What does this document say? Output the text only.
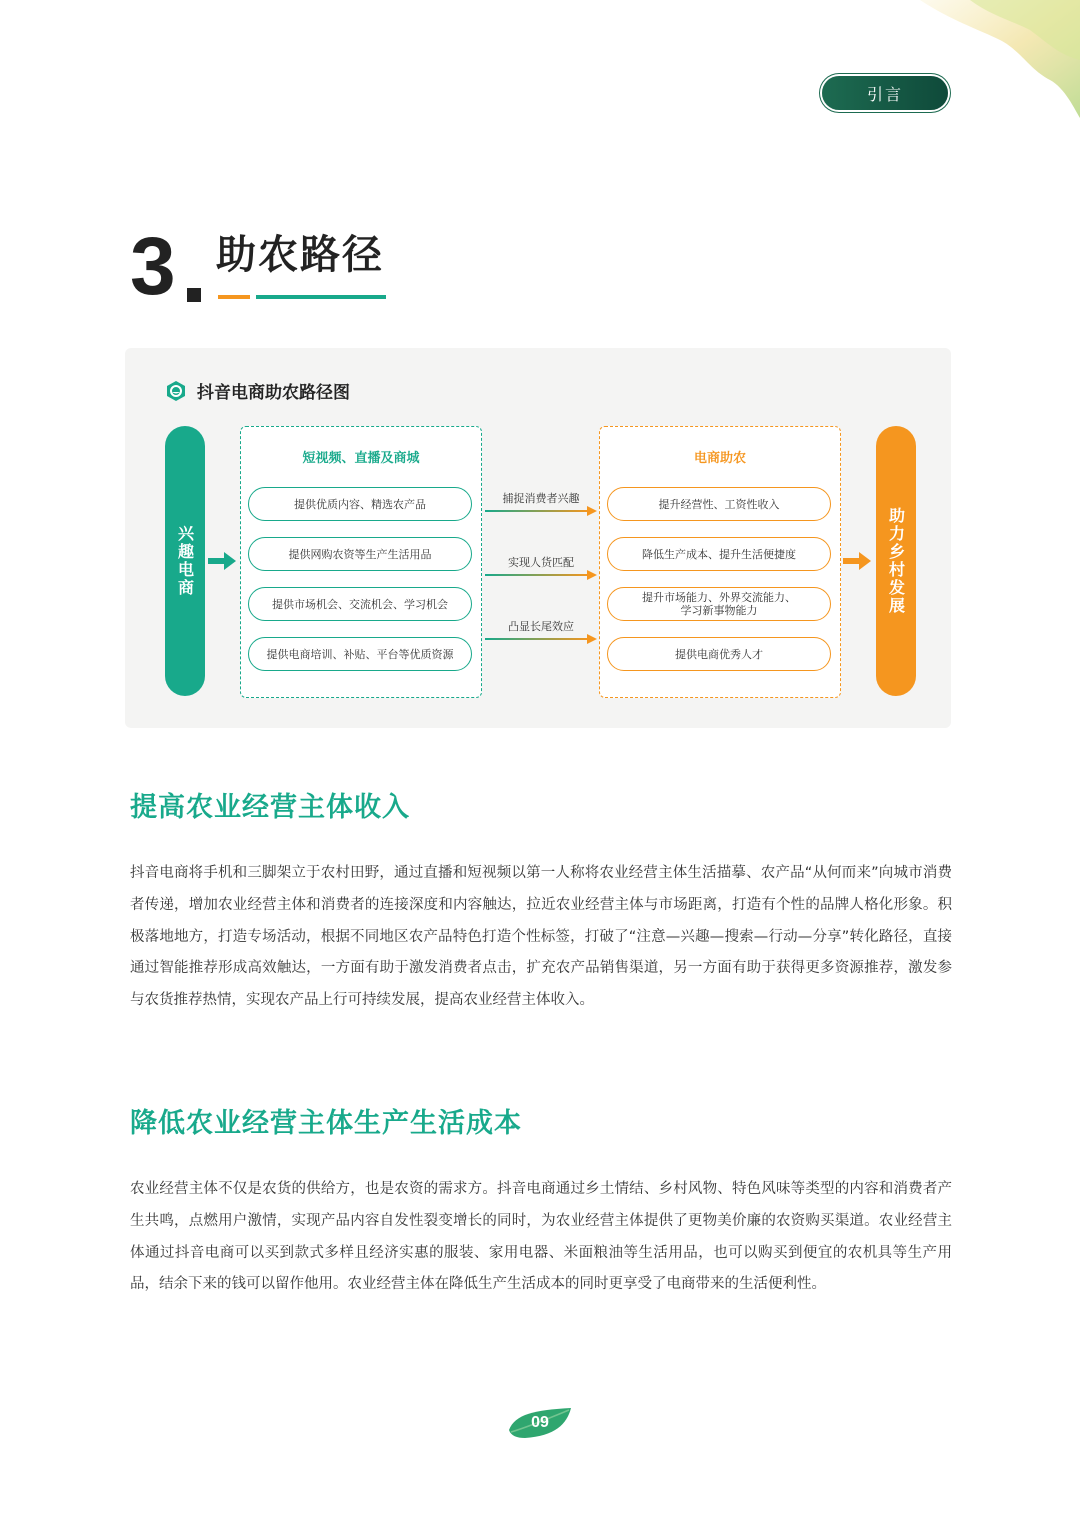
引言
3 助农路径
抖音电商助农路径图
兴趣电商
短视频、直播及商城
提供优质内容、精选农产品
提供网购农资等生产生活用品
提供市场机会、交流机会、学习机会
提供电商培训、补贴、平台等优质资源
捕捉消费者兴趣
实现人货匹配
凸显长尾效应
电商助农
提升经营性、工资性收入
降低生产成本、提升生活便捷度
提升市场能力、外界交流能力、
学习新事物能力
提供电商优秀人才
助力乡村发展
提高农业经营主体收入
抖音电商将手机和三脚架立于农村田野，通过直播和短视频以第一人称将农业经营主体生活描摹、农产品“从何而来”向城市消费者传递，增加农业经营主体和消费者的连接深度和内容触达，拉近农业经营主体与市场距离，打造有个性的品牌人格化形象。积极落地地方，打造专场活动，根据不同地区农产品特色打造个性标签，打破了“注意—兴趣—搜索—行动—分享”转化路径，直接通过智能推荐形成高效触达，一方面有助于激发消费者点击，扩充农产品销售渠道，另一方面有助于获得更多资源推荐，激发参与农货推荐热情，实现农产品上行可持续发展，提高农业经营主体收入。
降低农业经营主体生产生活成本
农业经营主体不仅是农货的供给方，也是农资的需求方。抖音电商通过乡土情结、乡村风物、特色风味等类型的内容和消费者产生共鸣，点燃用户激情，实现产品内容自发性裂变增长的同时，为农业经营主体提供了更物美价廉的农资购买渠道。农业经营主体通过抖音电商可以买到款式多样且经济实惠的服装、家用电器、米面粮油等生活用品，也可以购买到便宜的农机具等生产用品，结余下来的钱可以留作他用。农业经营主体在降低生产生活成本的同时更享受了电商带来的生活便利性。
09
